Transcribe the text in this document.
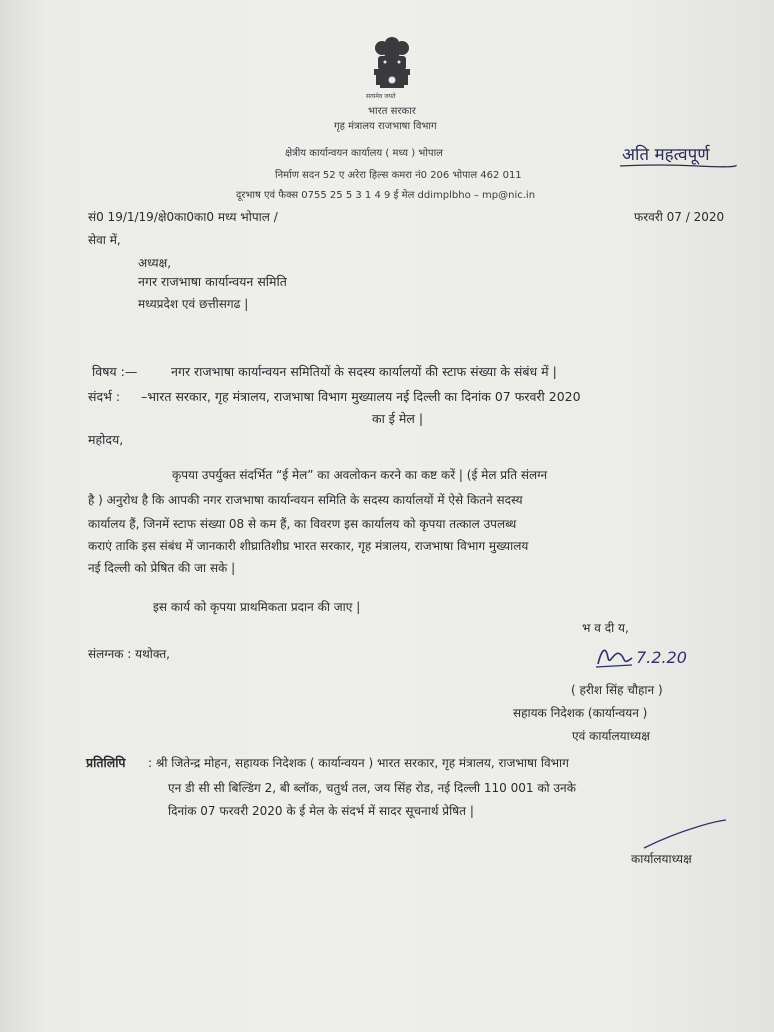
सत्यमेव जयते
भारत सरकार
गृह मंत्रालय राजभाषा विभाग
क्षेत्रीय कार्यान्वयन कार्यालय ( मध्य ) भोपाल
निर्माण सदन 52 ए अरेरा हिल्स कमरा नं0 206 भोपाल 462 011
दूरभाष एवं फैक्स 0755 25 5 3 1 4 9 ई मेल ddimplbho – mp@nic.in
अति महत्वपूर्ण
सं0 19/1/19/क्षे0का0का0 मध्य भोपाल /	फरवरी 07 / 2020
सेवा में,
अध्यक्ष,
नगर राजभाषा कार्यान्वयन समिति
मध्यप्रदेश एवं छत्तीसगढ |
विषय :—	नगर राजभाषा कार्यान्वयन समितियों के सदस्य कार्यालयों की स्टाफ संख्या के संबंध में |
संदर्भ : –भारत सरकार, गृह मंत्रालय, राजभाषा विभाग मुख्यालय नई दिल्ली का दिनांक 07 फरवरी 2020
का ई मेल |
महोदय,
कृपया उपर्युक्त संदर्भित “ई मेल” का अवलोकन करने का कष्ट करें | (ई मेल प्रति संलग्न
है ) अनुरोध है कि आपकी नगर राजभाषा कार्यान्वयन समिति के सदस्य कार्यालयों में ऐसे कितने सदस्य
कार्यालय हैं, जिनमें स्टाफ संख्या 08 से कम हैं, का विवरण इस कार्यालय को कृपया तत्काल उपलब्ध
कराएं ताकि इस संबंध में जानकारी शीघ्रातिशीघ्र भारत सरकार, गृह मंत्रालय, राजभाषा विभाग मुख्यालय
नई दिल्ली को प्रेषित की जा सके |
इस कार्य को कृपया प्राथमिकता प्रदान की जाए |
भ व दी य,
संलग्नक : यथोक्त,	7.2.20
( हरीश सिंह चौहान )
सहायक निदेशक (कार्यान्वयन )
एवं कार्यालयाध्यक्ष
प्रतिलिपि : श्री जितेन्द्र मोहन, सहायक निदेशक ( कार्यान्वयन ) भारत सरकार, गृह मंत्रालय, राजभाषा विभाग
एन डी सी सी बिल्डिंग 2, बी ब्लॉक, चतुर्थ तल, जय सिंह रोड, नई दिल्ली 110 001 को उनके
दिनांक 07 फरवरी 2020 के ई मेल के संदर्भ में सादर सूचनार्थ प्रेषित |
कार्यालयाध्यक्ष
